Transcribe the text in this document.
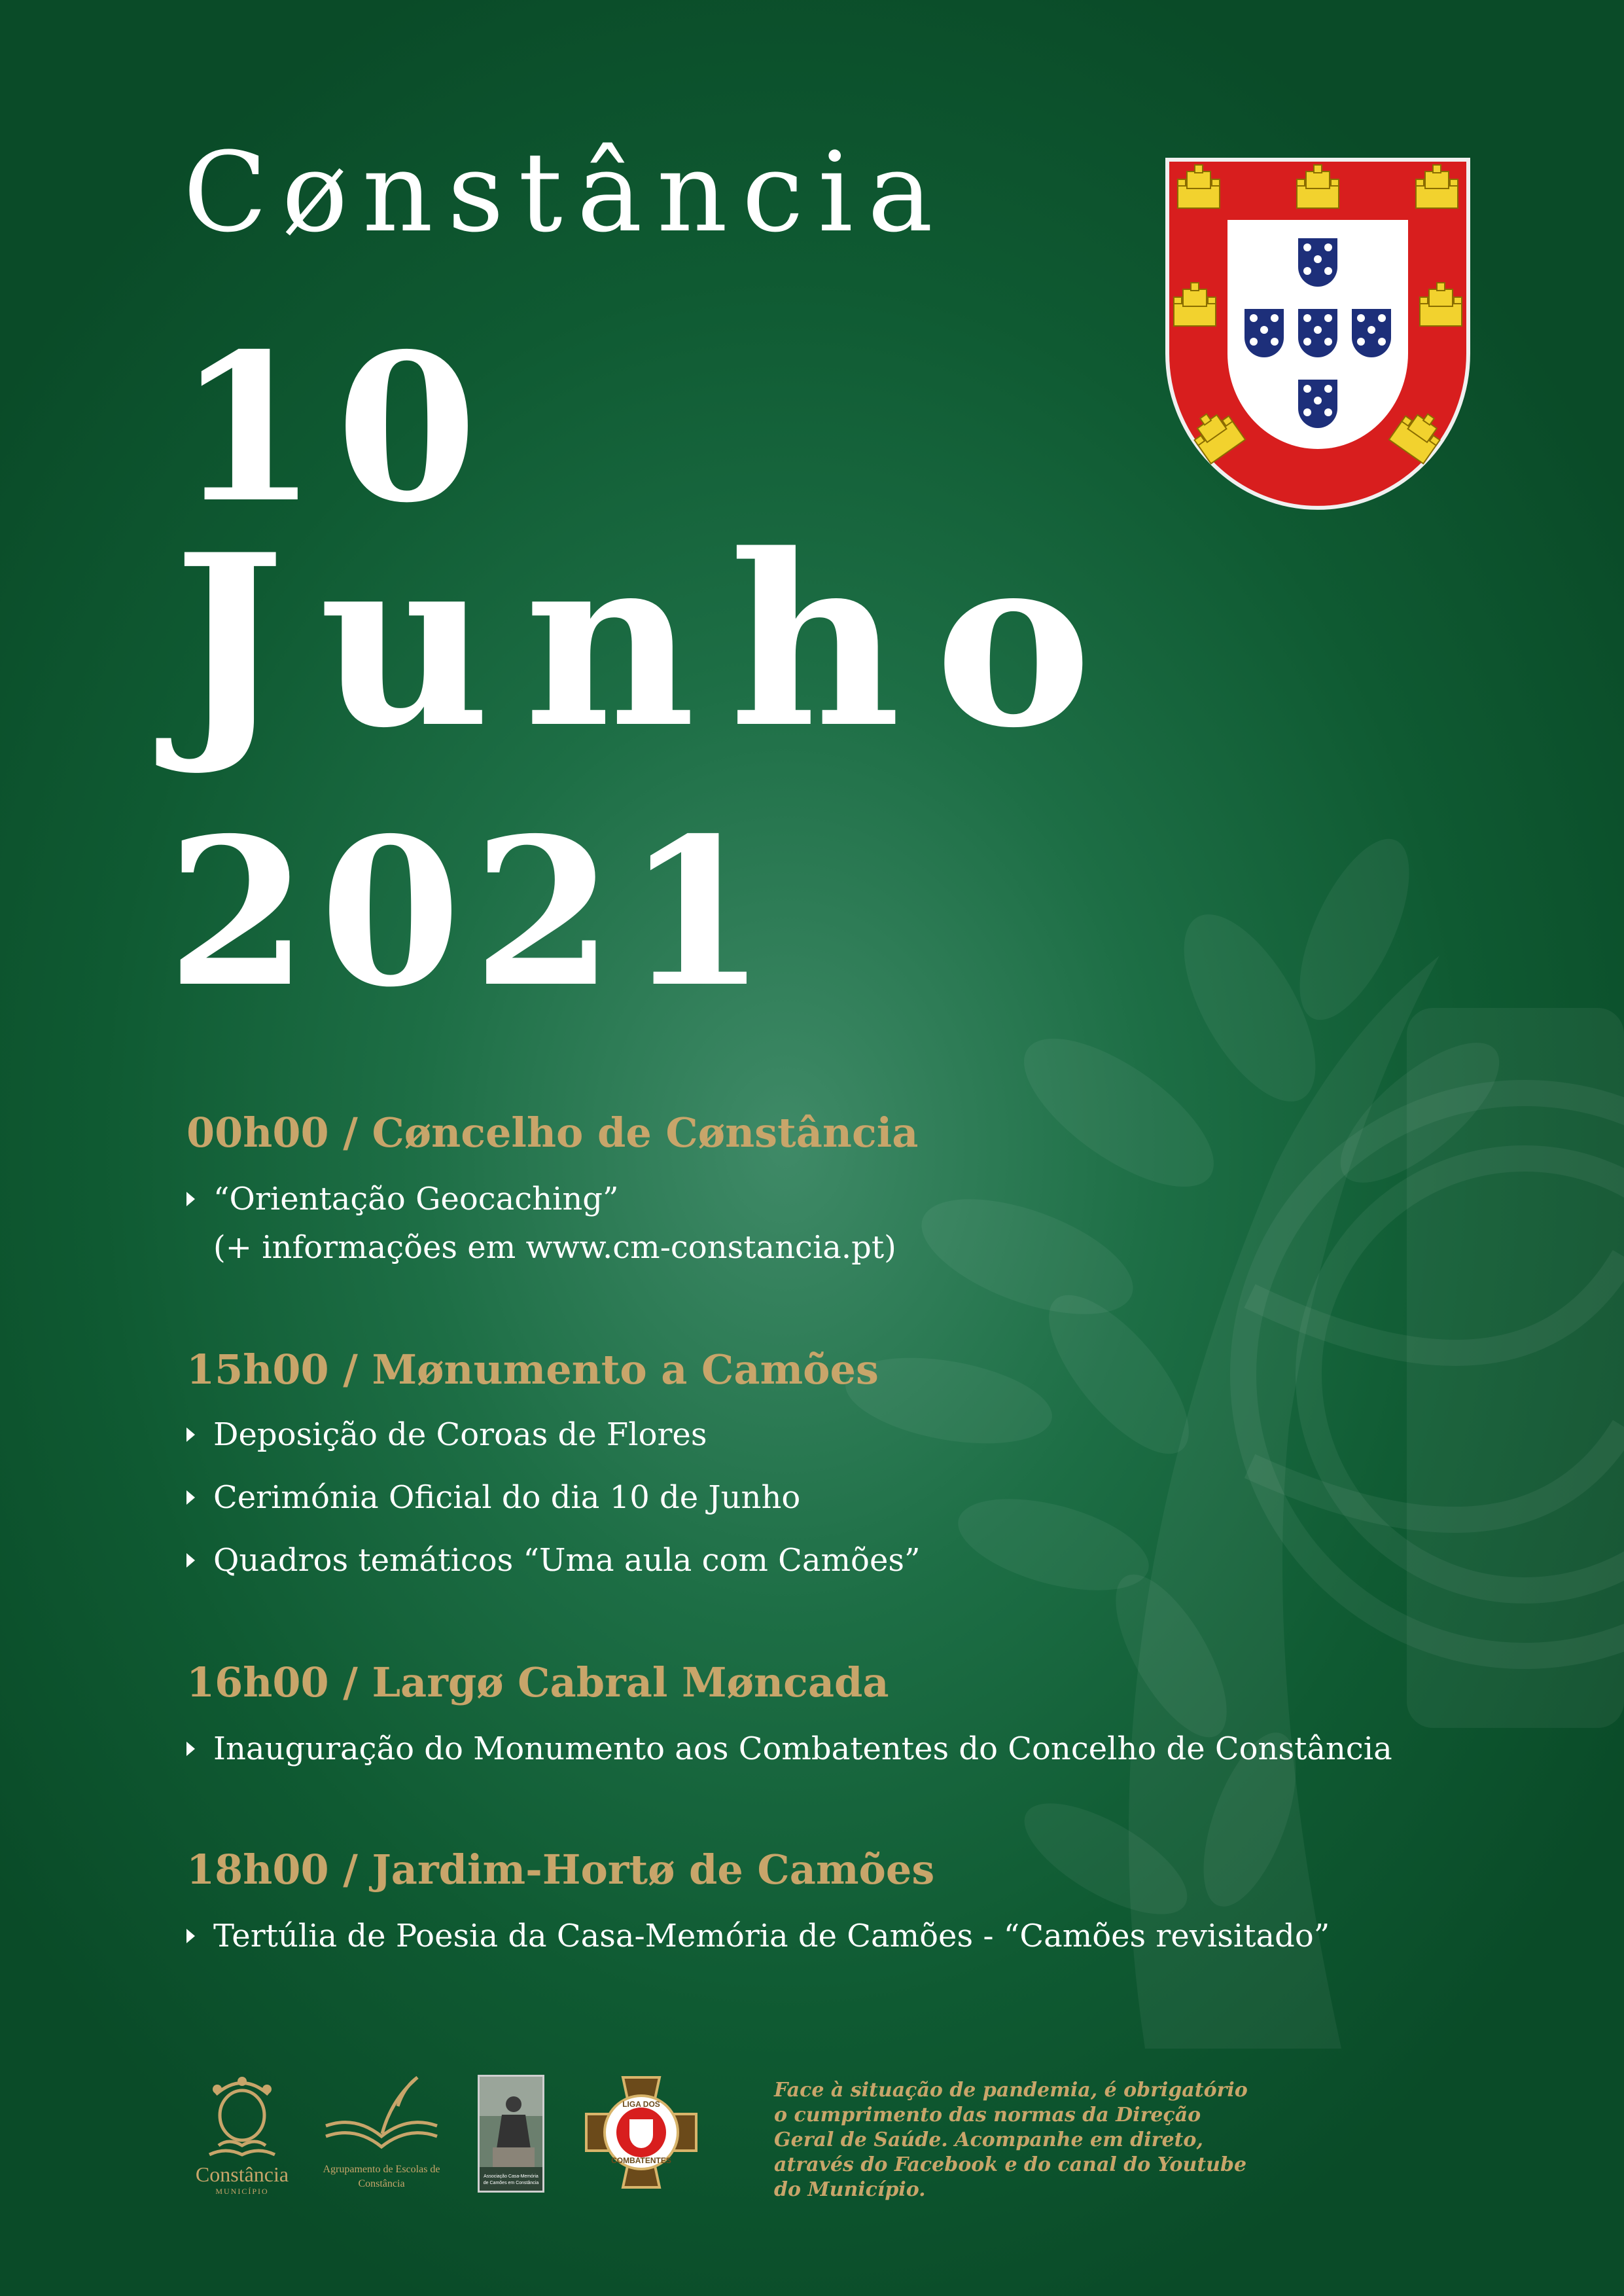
Cønstância
10
Junho
2021
00h00 / Cøncelho de Cønstância
“Orientação Geocaching”
(+ informações em www.cm-constancia.pt)
15h00 / Mønumento a Camões
Deposição de Coroas de Flores
Cerimónia Oficial do dia 10 de Junho
Quadros temáticos “Uma aula com Camões”
16h00 / Largø Cabral Møncada
Inauguração do Monumento aos Combatentes do Concelho de Constância
18h00 / Jardim-Hortø de Camões
Tertúlia de Poesia da Casa-Memória de Camões - “Camões revisitado”
Constância
MUNICÍPIO
Agrupamento de Escolas de
Constância
Associação Casa-Memória
de Camões em Constância
LIGA DOS
COMBATENTES
Face à situação de pandemia, é obrigatório
o cumprimento das normas da Direção
Geral de Saúde. Acompanhe em direto,
através do Facebook e do canal do Youtube
do Município.
